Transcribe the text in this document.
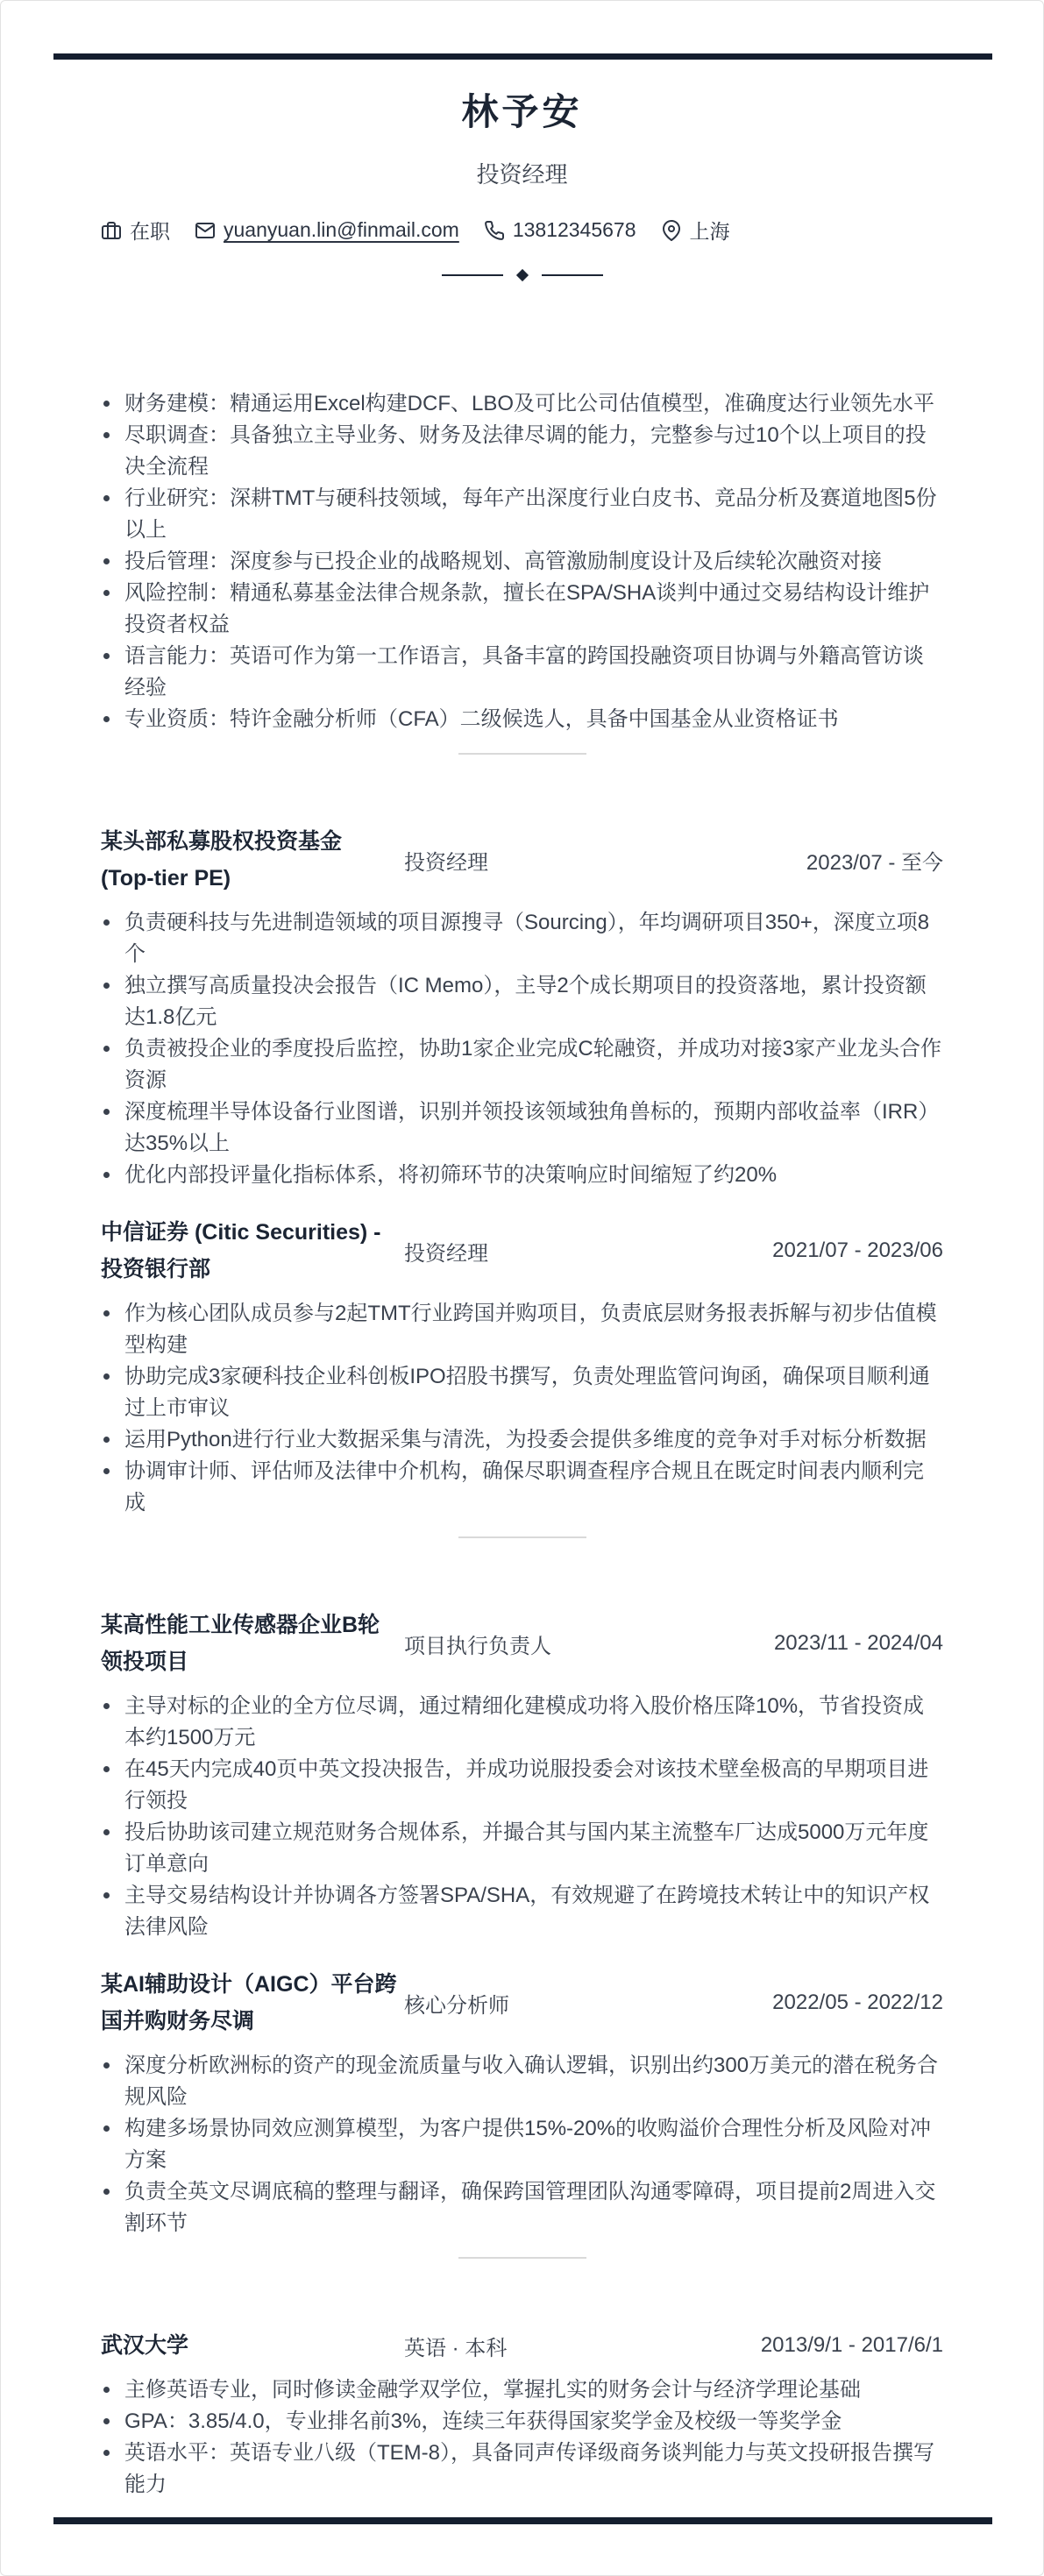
林予安
投资经理
在职	yuanyuan.lin@finmail.com	13812345678	上海
财务建模：精通运用Excel构建DCF、LBO及可比公司估值模型，准确度达行业领先水平
尽职调查：具备独立主导业务、财务及法律尽调的能力，完整参与过10个以上项目的投决全流程
行业研究：深耕TMT与硬科技领域，每年产出深度行业白皮书、竞品分析及赛道地图5份以上
投后管理：深度参与已投企业的战略规划、高管激励制度设计及后续轮次融资对接
风险控制：精通私募基金法律合规条款，擅长在SPA/SHA谈判中通过交易结构设计维护投资者权益
语言能力：英语可作为第一工作语言，具备丰富的跨国投融资项目协调与外籍高管访谈经验
专业资质：特许金融分析师（CFA）二级候选人，具备中国基金从业资格证书
某头部私募股权投资基金
(Top-tier PE)
投资经理	2023/07 - 至今
负责硬科技与先进制造领域的项目源搜寻（Sourcing），年均调研项目350+，深度立项8个
独立撰写高质量投决会报告（IC Memo），主导2个成长期项目的投资落地，累计投资额达1.8亿元
负责被投企业的季度投后监控，协助1家企业完成C轮融资，并成功对接3家产业龙头合作资源
深度梳理半导体设备行业图谱，识别并领投该领域独角兽标的，预期内部收益率（IRR）达35%以上
优化内部投评量化指标体系，将初筛环节的决策响应时间缩短了约20%
中信证券 (Citic Securities) -
投资银行部
投资经理	2021/07 - 2023/06
作为核心团队成员参与2起TMT行业跨国并购项目，负责底层财务报表拆解与初步估值模型构建
协助完成3家硬科技企业科创板IPO招股书撰写，负责处理监管问询函，确保项目顺利通过上市审议
运用Python进行行业大数据采集与清洗，为投委会提供多维度的竞争对手对标分析数据
协调审计师、评估师及法律中介机构，确保尽职调查程序合规且在既定时间表内顺利完成
某高性能工业传感器企业B轮
领投项目
项目执行负责人	2023/11 - 2024/04
主导对标的企业的全方位尽调，通过精细化建模成功将入股价格压降10%，节省投资成本约1500万元
在45天内完成40页中英文投决报告，并成功说服投委会对该技术壁垒极高的早期项目进行领投
投后协助该司建立规范财务合规体系，并撮合其与国内某主流整车厂达成5000万元年度订单意向
主导交易结构设计并协调各方签署SPA/SHA，有效规避了在跨境技术转让中的知识产权法律风险
某AI辅助设计（AIGC）平台跨
国并购财务尽调
核心分析师	2022/05 - 2022/12
深度分析欧洲标的资产的现金流质量与收入确认逻辑，识别出约300万美元的潜在税务合规风险
构建多场景协同效应测算模型，为客户提供15%-20%的收购溢价合理性分析及风险对冲方案
负责全英文尽调底稿的整理与翻译，确保跨国管理团队沟通零障碍，项目提前2周进入交割环节
武汉大学	英语 · 本科	2013/9/1 - 2017/6/1
主修英语专业，同时修读金融学双学位，掌握扎实的财务会计与经济学理论基础
GPA：3.85/4.0，专业排名前3%，连续三年获得国家奖学金及校级一等奖学金
英语水平：英语专业八级（TEM-8），具备同声传译级商务谈判能力与英文投研报告撰写能力
